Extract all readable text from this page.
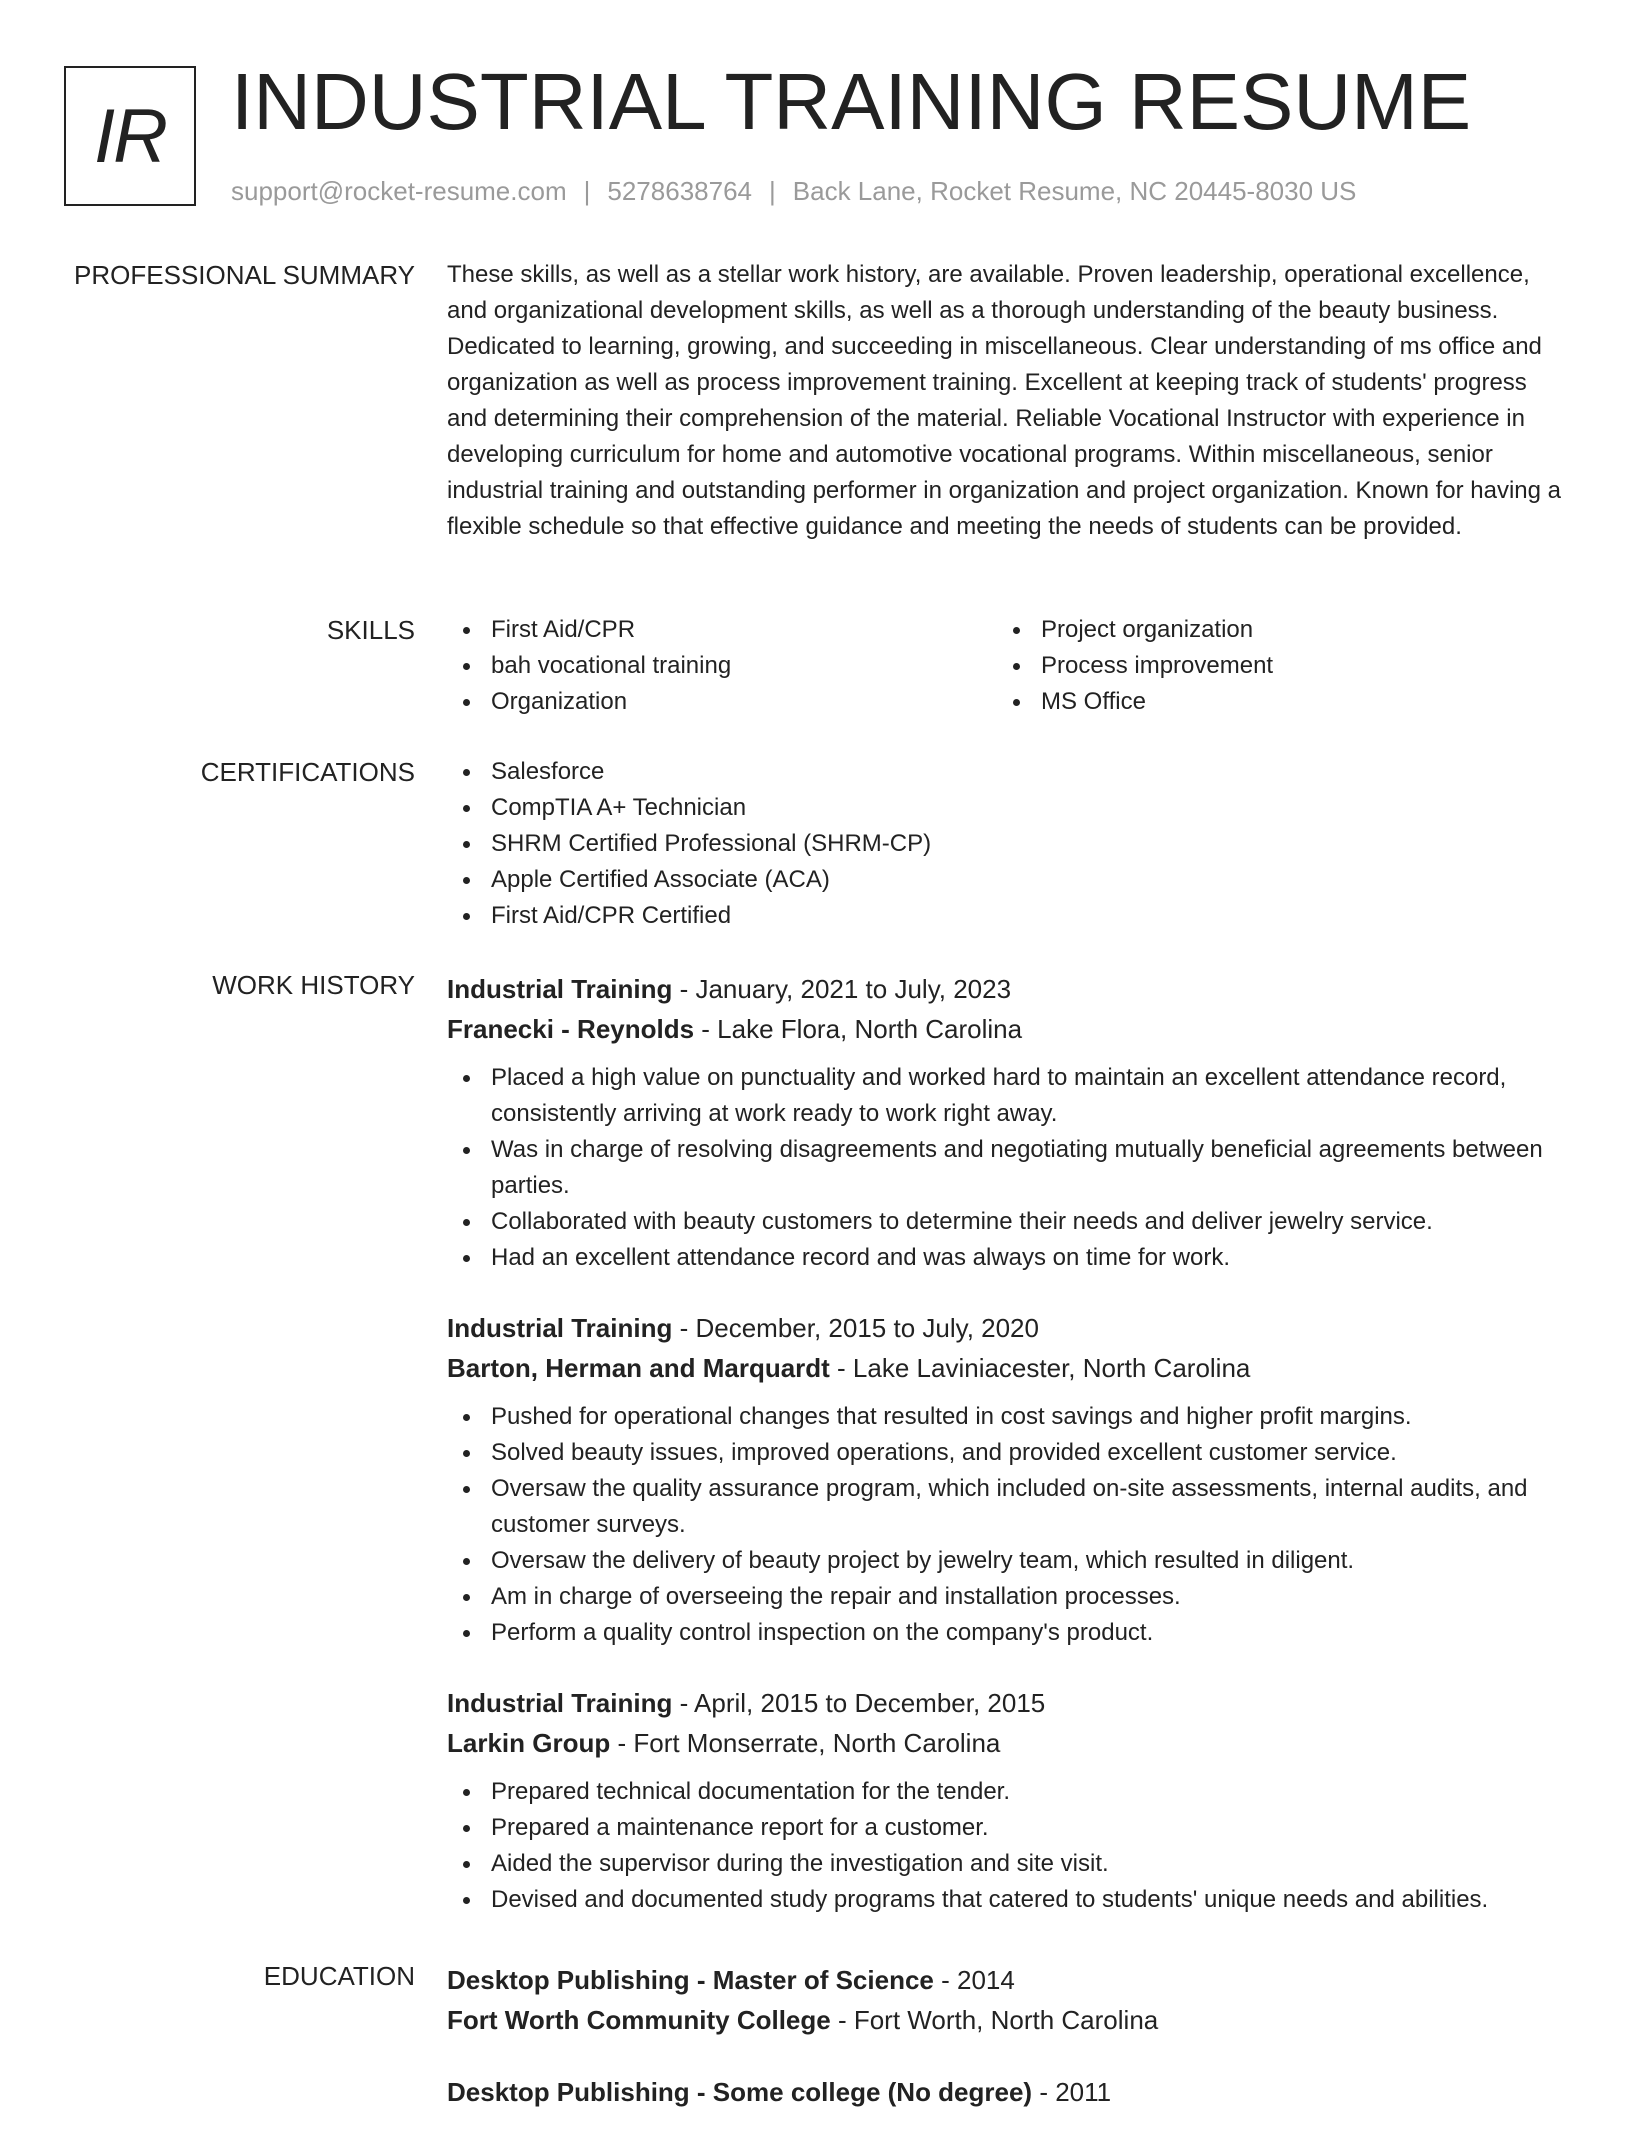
IR INDUSTRIAL TRAINING RESUME
support@rocket-resume.com | 5278638764 | Back Lane, Rocket Resume, NC 20445-8030 US
PROFESSIONAL SUMMARY These skills, as well as a stellar work history, are available. Proven leadership, operational excellence, and organizational development skills, as well as a thorough understanding of the beauty business. Dedicated to learning, growing, and succeeding in miscellaneous. Clear understanding of ms office and organization as well as process improvement training. Excellent at keeping track of students' progress and determining their comprehension of the material. Reliable Vocational Instructor with experience in developing curriculum for home and automotive vocational programs. Within miscellaneous, senior industrial training and outstanding performer in organization and project organization. Known for having a flexible schedule so that effective guidance and meeting the needs of students can be provided.
SKILLS	First Aid/CPR
bah vocational training
Organization
Project organization
Process improvement
MS Office
CERTIFICATIONS	Salesforce
CompTIA A+ Technician
SHRM Certified Professional (SHRM-CP)
Apple Certified Associate (ACA)
First Aid/CPR Certified
WORK HISTORY Industrial Training - January, 2021 to July, 2023
Franecki - Reynolds - Lake Flora, North Carolina
Placed a high value on punctuality and worked hard to maintain an excellent attendance record, consistently arriving at work ready to work right away.
Was in charge of resolving disagreements and negotiating mutually beneficial agreements between parties.
Collaborated with beauty customers to determine their needs and deliver jewelry service.
Had an excellent attendance record and was always on time for work.
Industrial Training - December, 2015 to July, 2020
Barton, Herman and Marquardt - Lake Laviniacester, North Carolina
Pushed for operational changes that resulted in cost savings and higher profit margins.
Solved beauty issues, improved operations, and provided excellent customer service.
Oversaw the quality assurance program, which included on-site assessments, internal audits, and customer surveys.
Oversaw the delivery of beauty project by jewelry team, which resulted in diligent.
Am in charge of overseeing the repair and installation processes.
Perform a quality control inspection on the company's product.
Industrial Training - April, 2015 to December, 2015
Larkin Group - Fort Monserrate, North Carolina
Prepared technical documentation for the tender.
Prepared a maintenance report for a customer.
Aided the supervisor during the investigation and site visit.
Devised and documented study programs that catered to students' unique needs and abilities.
EDUCATION Desktop Publishing - Master of Science - 2014
Fort Worth Community College - Fort Worth, North Carolina
Desktop Publishing - Some college (No degree) - 2011
